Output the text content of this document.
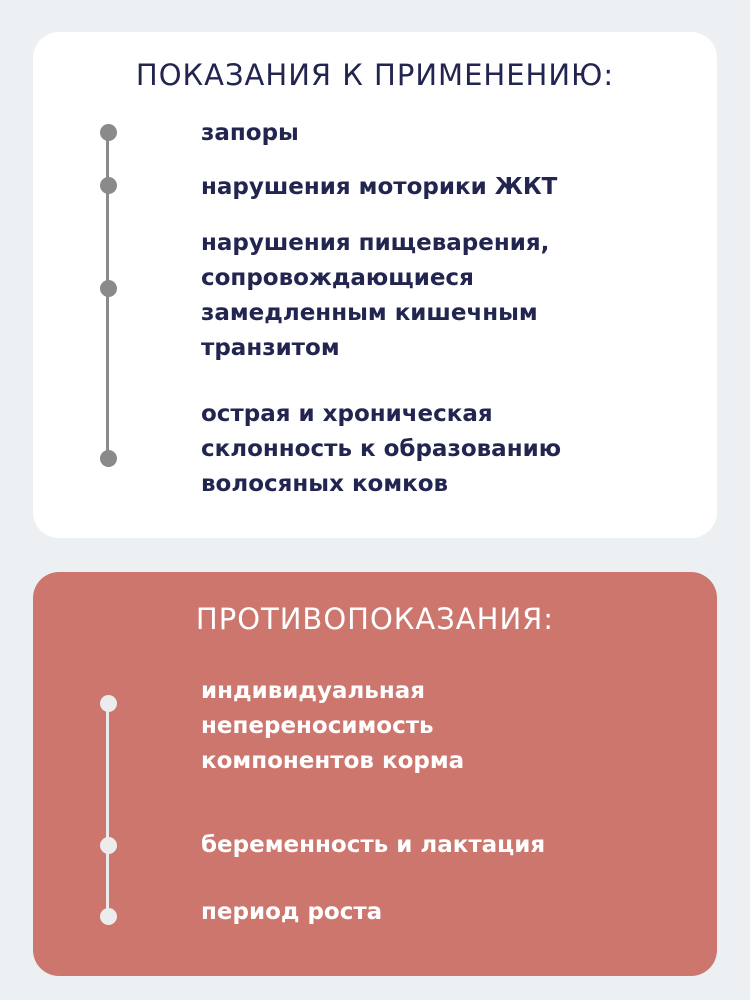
ПОКАЗАНИЯ К ПРИМЕНЕНИЮ:

запоры

нарушения моторики ЖКТ

нарушения пищеварения,
сопровождающиеся
замедленным кишечным
транзитом

острая и хроническая
склонность к образованию
волосяных комков

ПРОТИВОПОКАЗАНИЯ:

индивидуальная
непереносимость
компонентов корма

беременность и лактация

период роста
